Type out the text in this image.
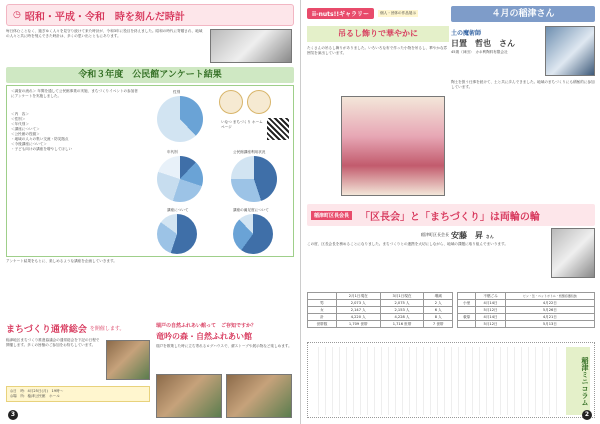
◷ 昭和・平成・令和　時を刻んだ時計

毎日休むことなく、過ぎゆく人々を見守り続けて来た時計が、令和3年に役目を終えました。昭和の時代に寄贈され、地域の人々と共に時を刻んできた時計は、多くの思い出とともにあります。

令和３年度　公民館アンケート結果

＜調査の流れ＞ 年間を通して公民館事業の実施、まちづくりイベントの参加者にアンケートを実施しました。

＜内　容＞

＜性別＞

＜年代別＞

＜講座について＞

＜公民館の役割＞

・地域の人々の集い交流・防災拠点

＜今後講座について＞

・子ども向けの講座を増やしてほしい

性別
いなつ まちづくり ホームページ
年代別	公民館講座利用状況
講座について	講座の満足度について

アンケート結果をもとに、楽しめるような講座を企画していきます。

まちづくり通常総会 を開催します。

稲津地区まちづくり推進協議会の通常総会を下記の日程で開催します。多くの皆様のご参加をお待ちしています。

◎日　時：4月25日(月)　19時～

◎場　所：稲津公民館　ホール

瑞戸の自然ふれあい館って　ご存知ですか？

竜吟の森・自然ふれあい館

瑞戸を散策した時に立ち寄れるログハウスで、薪ストーブや展示物など楽しめます。

3
ii-nuts!!ギャラリー	個人・団体の作品展示
吊るし飾りで華やかに

たくさんの吊るし飾りがありました。いろいろな布で作った小物を吊るし、華やかな雰囲気を演出しています。

４月の稲津さん

土の魔術師

日置　哲也　さん

45歳（神田）　カネ利陶料有限会社

陶土を扱う仕事を続けて、土と共に歩んできました。地域のまちづくりにも積極的に参加しています。

稲津町区長会長	「区長会」と「まちづくり」は両輪の輪

稲津町区長会長 安藤　昇 さん

この度、区長会長を務めることになりました。まちづくりとの連携を大切にしながら、地域の課題に取り組んでまいります。

	2月1日現在	3月1日現在	増減
男	2,073 人	2,075 人	2 人
女	2,147 人	2,153 人	6 人
計	4,220 人	4,228 人	8 人
世帯数	1,709 世帯	1,716 世帯	7 世帯
	不燃ごみ	ビン・缶・ペットボトル・紙製容器包装
小里	4月14日	4月22日
	5月12日	5月26日
萩原	4月14日	4月21日
	5月12日	5月13日
稲津ミニコラム
2
